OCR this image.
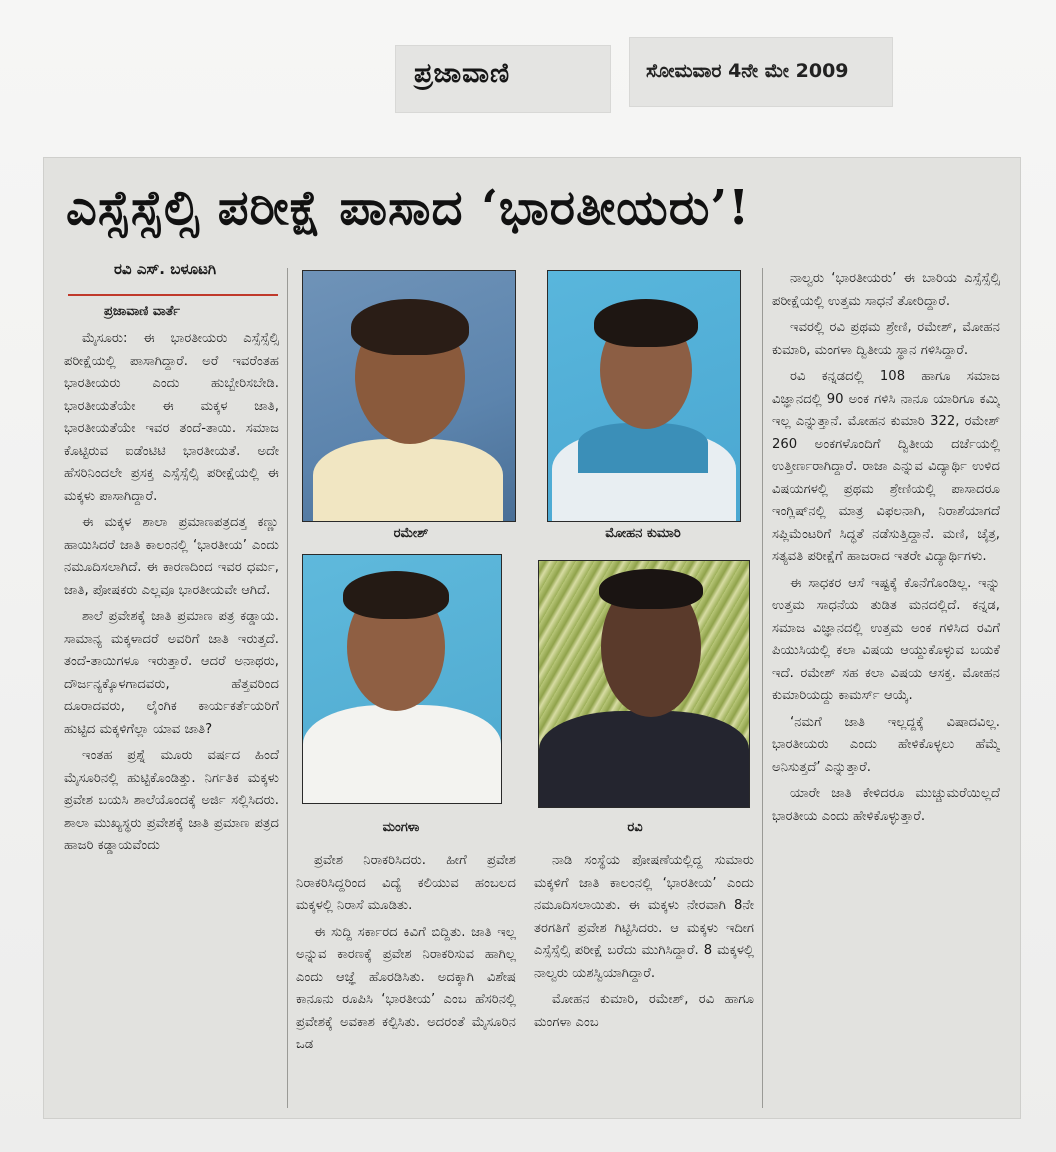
ಪ್ರಜಾವಾಣಿ	ಸೋಮವಾರ 4ನೇ ಮೇ 2009
ಎಸ್ಸೆಸ್ಸೆಲ್ಸಿ ಪರೀಕ್ಷೆ ಪಾಸಾದ ‘ಭಾರತೀಯರು’!
ರವಿ ಎಸ್. ಬಳೂಟಗಿ
ಪ್ರಜಾವಾಣಿ ವಾರ್ತೆ

ಮೈಸೂರು: ಈ ಭಾರತೀಯರು ಎಸ್ಸೆಸ್ಸೆಲ್ಸಿ ಪರೀಕ್ಷೆಯಲ್ಲಿ ಪಾಸಾಗಿದ್ದಾರೆ. ಅರೆ ಇವರೆಂತಹ ಭಾರತೀಯರು ಎಂದು ಹುಬ್ಬೇರಿಸಬೇಡಿ. ಭಾರತೀಯತೆಯೇ ಈ ಮಕ್ಕಳ ಜಾತಿ, ಭಾರತೀಯತೆಯೇ ಇವರ ತಂದೆ-ತಾಯಿ. ಸಮಾಜ ಕೊಟ್ಟಿರುವ ಐಡೆಂಟಿಟಿ ಭಾರತೀಯತೆ. ಅದೇ ಹೆಸರಿನಿಂದಲೇ ಪ್ರಸಕ್ತ ಎಸ್ಸೆಸ್ಸೆಲ್ಸಿ ಪರೀಕ್ಷೆಯಲ್ಲಿ ಈ ಮಕ್ಕಳು ಪಾಸಾಗಿದ್ದಾರೆ.

ಈ ಮಕ್ಕಳ ಶಾಲಾ ಪ್ರಮಾಣಪತ್ರದತ್ತ ಕಣ್ಣು ಹಾಯಿಸಿದರೆ ಜಾತಿ ಕಾಲಂನಲ್ಲಿ ‘ಭಾರತೀಯ’ ಎಂದು ನಮೂದಿಸಲಾಗಿದೆ. ಈ ಕಾರಣದಿಂದ ಇವರ ಧರ್ಮ, ಜಾತಿ, ಪೋಷಕರು ಎಲ್ಲವೂ ಭಾರತೀಯವೇ ಆಗಿದೆ.

ಶಾಲೆ ಪ್ರವೇಶಕ್ಕೆ ಜಾತಿ ಪ್ರಮಾಣ ಪತ್ರ ಕಡ್ಡಾಯ. ಸಾಮಾನ್ಯ ಮಕ್ಕಳಾದರೆ ಅವರಿಗೆ ಜಾತಿ ಇರುತ್ತದೆ. ತಂದೆ-ತಾಯಿಗಳೂ ಇರುತ್ತಾರೆ. ಆದರೆ ಅನಾಥರು, ದೌರ್ಜನ್ಯಕ್ಕೊಳಗಾದವರು, ಹೆತ್ತವರಿಂದ ದೂರಾದವರು, ಲೈಂಗಿಕ ಕಾರ್ಯಕರ್ತೆಯರಿಗೆ ಹುಟ್ಟಿದ ಮಕ್ಕಳಿಗೆಲ್ಲಾ ಯಾವ ಜಾತಿ?

ಇಂತಹ ಪ್ರಶ್ನೆ ಮೂರು ವರ್ಷದ ಹಿಂದೆ ಮೈಸೂರಿನಲ್ಲಿ ಹುಟ್ಟಿಕೊಂಡಿತ್ತು. ನಿರ್ಗತಿಕ ಮಕ್ಕಳು ಪ್ರವೇಶ ಬಯಸಿ ಶಾಲೆಯೊಂದಕ್ಕೆ ಅರ್ಜಿ ಸಲ್ಲಿಸಿದರು. ಶಾಲಾ ಮುಖ್ಯಸ್ಥರು ಪ್ರವೇಶಕ್ಕೆ ಜಾತಿ ಪ್ರಮಾಣ ಪತ್ರದ ಹಾಜರಿ ಕಡ್ಡಾಯವೆಂದು

ರಮೇಶ್	ಮೋಹನ ಕುಮಾರಿ
ಮಂಗಳಾ	ರವಿ

ಪ್ರವೇಶ ನಿರಾಕರಿಸಿದರು. ಹೀಗೆ ಪ್ರವೇಶ ನಿರಾಕರಿಸಿದ್ದರಿಂದ ವಿದ್ಯೆ ಕಲಿಯುವ ಹಂಬಲದ ಮಕ್ಕಳಲ್ಲಿ ನಿರಾಸೆ ಮೂಡಿತು.

ಈ ಸುದ್ದಿ ಸರ್ಕಾರದ ಕಿವಿಗೆ ಬಿದ್ದಿತು. ಜಾತಿ ಇಲ್ಲ ಅನ್ನುವ ಕಾರಣಕ್ಕೆ ಪ್ರವೇಶ ನಿರಾಕರಿಸುವ ಹಾಗಿಲ್ಲ ಎಂದು ಆಜ್ಞೆ ಹೊರಡಿಸಿತು. ಅದಕ್ಕಾಗಿ ವಿಶೇಷ ಕಾನೂನು ರೂಪಿಸಿ ‘ಭಾರತೀಯ’ ಎಂಬ ಹೆಸರಿನಲ್ಲಿ ಪ್ರವೇಶಕ್ಕೆ ಅವಕಾಶ ಕಲ್ಪಿಸಿತು. ಅದರಂತೆ ಮೈಸೂರಿನ ಒಡ

ನಾಡಿ ಸಂಸ್ಥೆಯ ಪೋಷಣೆಯಲ್ಲಿದ್ದ ಸುಮಾರು ಮಕ್ಕಳಿಗೆ ಜಾತಿ ಕಾಲಂನಲ್ಲಿ ‘ಭಾರತೀಯ’ ಎಂದು ನಮೂದಿಸಲಾಯಿತು. ಈ ಮಕ್ಕಳು ನೇರವಾಗಿ 8ನೇ ತರಗತಿಗೆ ಪ್ರವೇಶ ಗಿಟ್ಟಿಸಿದರು. ಆ ಮಕ್ಕಳು ಇದೀಗ ಎಸ್ಸೆಸ್ಸೆಲ್ಸಿ ಪರೀಕ್ಷೆ ಬರೆದು ಮುಗಿಸಿದ್ದಾರೆ. 8 ಮಕ್ಕಳಲ್ಲಿ ನಾಲ್ವರು ಯಶಸ್ವಿಯಾಗಿದ್ದಾರೆ.

ಮೋಹನ ಕುಮಾರಿ, ರಮೇಶ್, ರವಿ ಹಾಗೂ ಮಂಗಳಾ ಎಂಬ

ನಾಲ್ವರು ‘ಭಾರತೀಯರು’ ಈ ಬಾರಿಯ ಎಸ್ಸೆಸ್ಸೆಲ್ಸಿ ಪರೀಕ್ಷೆಯಲ್ಲಿ ಉತ್ತಮ ಸಾಧನೆ ತೋರಿದ್ದಾರೆ.

ಇವರಲ್ಲಿ ರವಿ ಪ್ರಥಮ ಶ್ರೇಣಿ, ರಮೇಶ್, ಮೋಹನ ಕುಮಾರಿ, ಮಂಗಳಾ ದ್ವಿತೀಯ ಸ್ಥಾನ ಗಳಿಸಿದ್ದಾರೆ.

ರವಿ ಕನ್ನಡದಲ್ಲಿ 108 ಹಾಗೂ ಸಮಾಜ ವಿಜ್ಞಾನದಲ್ಲಿ 90 ಅಂಕ ಗಳಿಸಿ ನಾನೂ ಯಾರಿಗೂ ಕಮ್ಮಿ ಇಲ್ಲ ಎನ್ನುತ್ತಾನೆ. ಮೋಹನ ಕುಮಾರಿ 322, ರಮೇಶ್ 260 ಅಂಕಗಳೊಂದಿಗೆ ದ್ವಿತೀಯ ದರ್ಜೆಯಲ್ಲಿ ಉತ್ತೀರ್ಣರಾಗಿದ್ದಾರೆ. ರಾಜಾ ಎನ್ನುವ ವಿದ್ಯಾರ್ಥಿ ಉಳಿದ ವಿಷಯಗಳಲ್ಲಿ ಪ್ರಥಮ ಶ್ರೇಣಿಯಲ್ಲಿ ಪಾಸಾದರೂ ಇಂಗ್ಲಿಷ್‌ನಲ್ಲಿ ಮಾತ್ರ ವಿಫಲನಾಗಿ, ನಿರಾಶೆಯಾಗದೆ ಸಪ್ಲಿಮೆಂಟರಿಗೆ ಸಿದ್ಧತೆ ನಡೆಸುತ್ತಿದ್ದಾನೆ. ಮಣಿ, ಚೈತ್ರ, ಸತ್ಯವತಿ ಪರೀಕ್ಷೆಗೆ ಹಾಜರಾದ ಇತರೇ ವಿದ್ಯಾರ್ಥಿಗಳು.

ಈ ಸಾಧಕರ ಆಸೆ ಇಷ್ಟಕ್ಕೆ ಕೊನೆಗೊಂಡಿಲ್ಲ. ಇನ್ನು ಉತ್ತಮ ಸಾಧನೆಯ ತುಡಿತ ಮನದಲ್ಲಿದೆ. ಕನ್ನಡ, ಸಮಾಜ ವಿಜ್ಞಾನದಲ್ಲಿ ಉತ್ತಮ ಅಂಕ ಗಳಿಸಿದ ರವಿಗೆ ಪಿಯುಸಿಯಲ್ಲಿ ಕಲಾ ವಿಷಯ ಆಯ್ದುಕೊಳ್ಳುವ ಬಯಕೆ ಇದೆ. ರಮೇಶ್ ಸಹ ಕಲಾ ವಿಷಯ ಆಸಕ್ತ. ಮೋಹನ ಕುಮಾರಿಯದ್ದು ಕಾಮರ್ಸ್ ಆಯ್ಕೆ.

‘ನಮಗೆ ಜಾತಿ ಇಲ್ಲದ್ದಕ್ಕೆ ವಿಷಾದವಿಲ್ಲ. ಭಾರತೀಯರು ಎಂದು ಹೇಳಿಕೊಳ್ಳಲು ಹೆಮ್ಮೆ ಅನಿಸುತ್ತದೆ’ ಎನ್ನುತ್ತಾರೆ.

ಯಾರೇ ಜಾತಿ ಕೇಳಿದರೂ ಮುಚ್ಚುಮರೆಯಿಲ್ಲದೆ ಭಾರತೀಯ ಎಂದು ಹೇಳಿಕೊಳ್ಳುತ್ತಾರೆ.
